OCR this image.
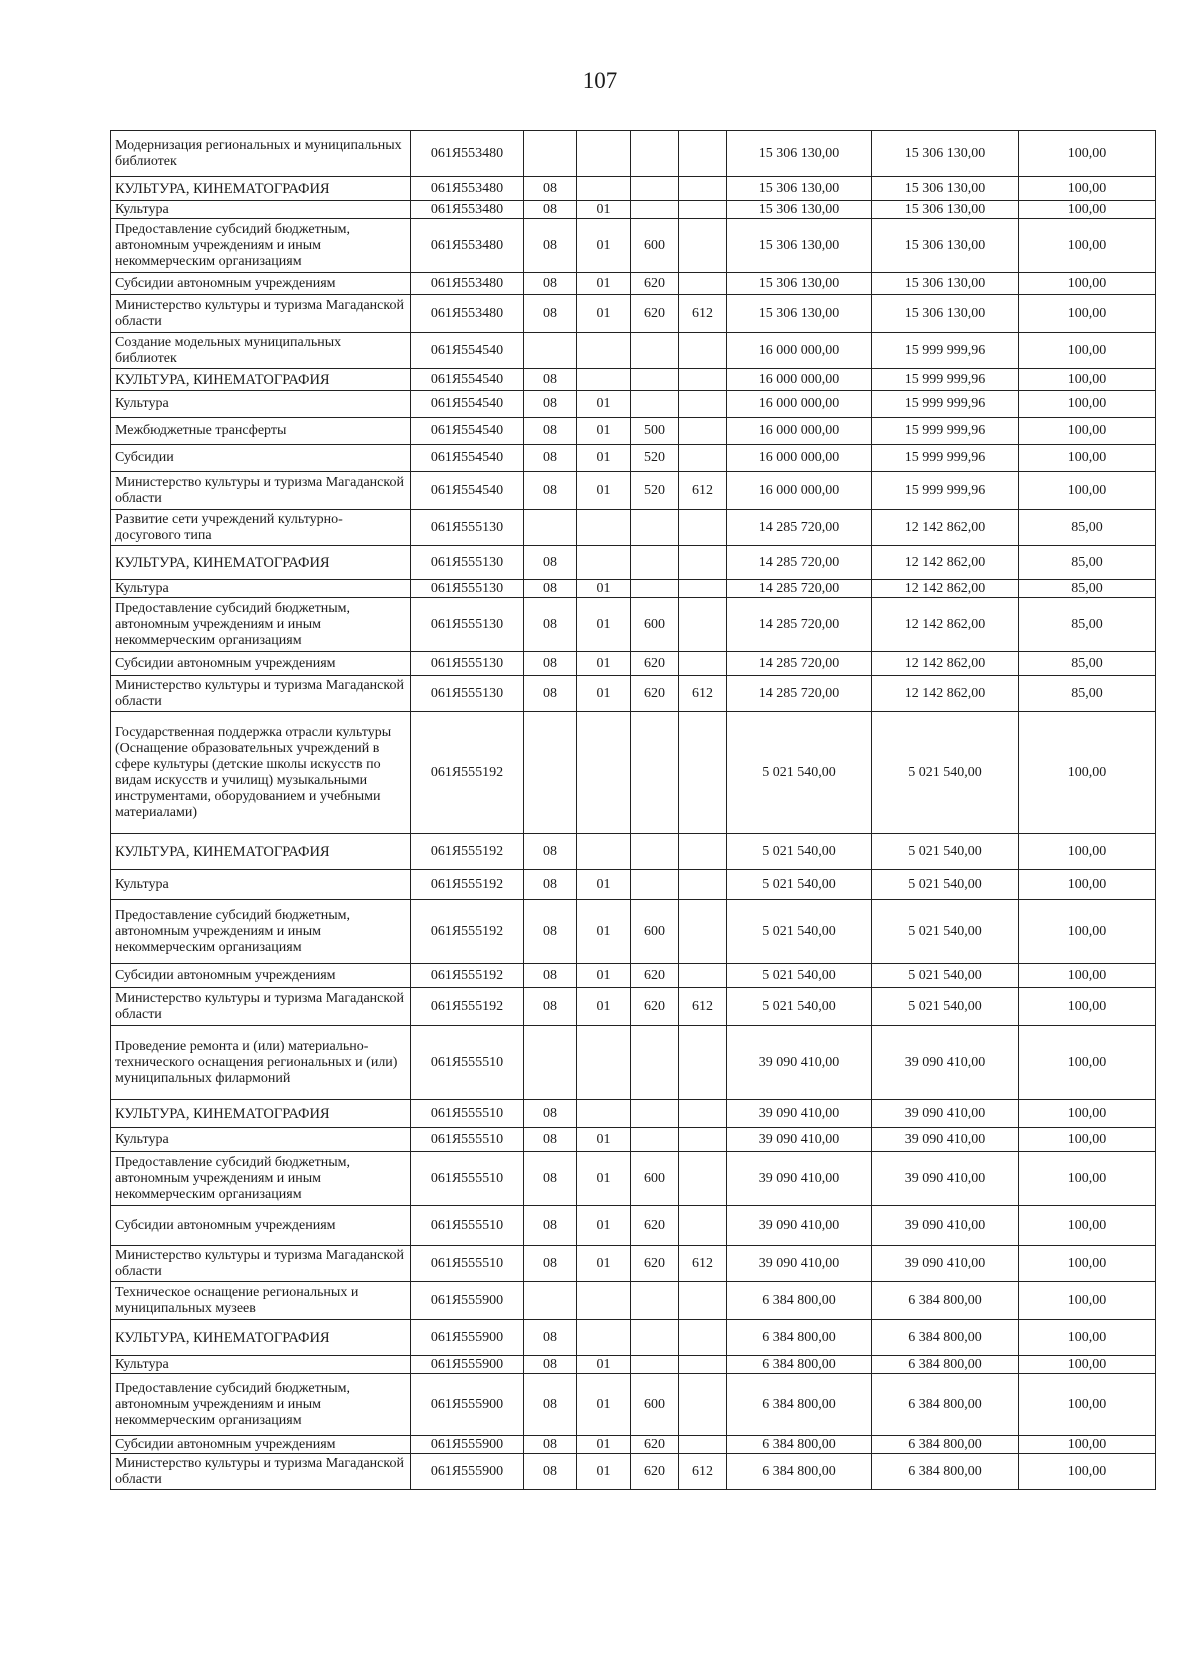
107
Модернизация региональных и муниципальных библиотек	061Я553480					15 306 130,00	15 306 130,00	100,00
КУЛЬТУРА, КИНЕМАТОГРАФИЯ	061Я553480	08				15 306 130,00	15 306 130,00	100,00
Культура	061Я553480	08	01			15 306 130,00	15 306 130,00	100,00
Предоставление субсидий бюджетным, автономным учреждениям и иным некоммерческим организациям	061Я553480	08	01	600		15 306 130,00	15 306 130,00	100,00
Субсидии автономным учреждениям	061Я553480	08	01	620		15 306 130,00	15 306 130,00	100,00
Министерство культуры и туризма Магаданской области	061Я553480	08	01	620	612	15 306 130,00	15 306 130,00	100,00
Создание модельных муниципальных библиотек	061Я554540					16 000 000,00	15 999 999,96	100,00
КУЛЬТУРА, КИНЕМАТОГРАФИЯ	061Я554540	08				16 000 000,00	15 999 999,96	100,00
Культура	061Я554540	08	01			16 000 000,00	15 999 999,96	100,00
Межбюджетные трансферты	061Я554540	08	01	500		16 000 000,00	15 999 999,96	100,00
Субсидии	061Я554540	08	01	520		16 000 000,00	15 999 999,96	100,00
Министерство культуры и туризма Магаданской области	061Я554540	08	01	520	612	16 000 000,00	15 999 999,96	100,00
Развитие сети учреждений культурно-досугового типа	061Я555130					14 285 720,00	12 142 862,00	85,00
КУЛЬТУРА, КИНЕМАТОГРАФИЯ	061Я555130	08				14 285 720,00	12 142 862,00	85,00
Культура	061Я555130	08	01			14 285 720,00	12 142 862,00	85,00
Предоставление субсидий бюджетным, автономным учреждениям и иным некоммерческим организациям	061Я555130	08	01	600		14 285 720,00	12 142 862,00	85,00
Субсидии автономным учреждениям	061Я555130	08	01	620		14 285 720,00	12 142 862,00	85,00
Министерство культуры и туризма Магаданской области	061Я555130	08	01	620	612	14 285 720,00	12 142 862,00	85,00
Государственная поддержка отрасли культуры (Оснащение образовательных учреждений в сфере культуры (детские школы искусств по видам искусств и училищ) музыкальными инструментами, оборудованием и учебными материалами)	061Я555192					5 021 540,00	5 021 540,00	100,00
КУЛЬТУРА, КИНЕМАТОГРАФИЯ	061Я555192	08				5 021 540,00	5 021 540,00	100,00
Культура	061Я555192	08	01			5 021 540,00	5 021 540,00	100,00
Предоставление субсидий бюджетным, автономным учреждениям и иным некоммерческим организациям	061Я555192	08	01	600		5 021 540,00	5 021 540,00	100,00
Субсидии автономным учреждениям	061Я555192	08	01	620		5 021 540,00	5 021 540,00	100,00
Министерство культуры и туризма Магаданской области	061Я555192	08	01	620	612	5 021 540,00	5 021 540,00	100,00
Проведение ремонта и (или) материально-технического оснащения региональных и (или) муниципальных филармоний	061Я555510					39 090 410,00	39 090 410,00	100,00
КУЛЬТУРА, КИНЕМАТОГРАФИЯ	061Я555510	08				39 090 410,00	39 090 410,00	100,00
Культура	061Я555510	08	01			39 090 410,00	39 090 410,00	100,00
Предоставление субсидий бюджетным, автономным учреждениям и иным некоммерческим организациям	061Я555510	08	01	600		39 090 410,00	39 090 410,00	100,00
Субсидии автономным учреждениям	061Я555510	08	01	620		39 090 410,00	39 090 410,00	100,00
Министерство культуры и туризма Магаданской области	061Я555510	08	01	620	612	39 090 410,00	39 090 410,00	100,00
Техническое оснащение региональных и муниципальных музеев	061Я555900					6 384 800,00	6 384 800,00	100,00
КУЛЬТУРА, КИНЕМАТОГРАФИЯ	061Я555900	08				6 384 800,00	6 384 800,00	100,00
Культура	061Я555900	08	01			6 384 800,00	6 384 800,00	100,00
Предоставление субсидий бюджетным, автономным учреждениям и иным некоммерческим организациям	061Я555900	08	01	600		6 384 800,00	6 384 800,00	100,00
Субсидии автономным учреждениям	061Я555900	08	01	620		6 384 800,00	6 384 800,00	100,00
Министерство культуры и туризма Магаданской области	061Я555900	08	01	620	612	6 384 800,00	6 384 800,00	100,00
